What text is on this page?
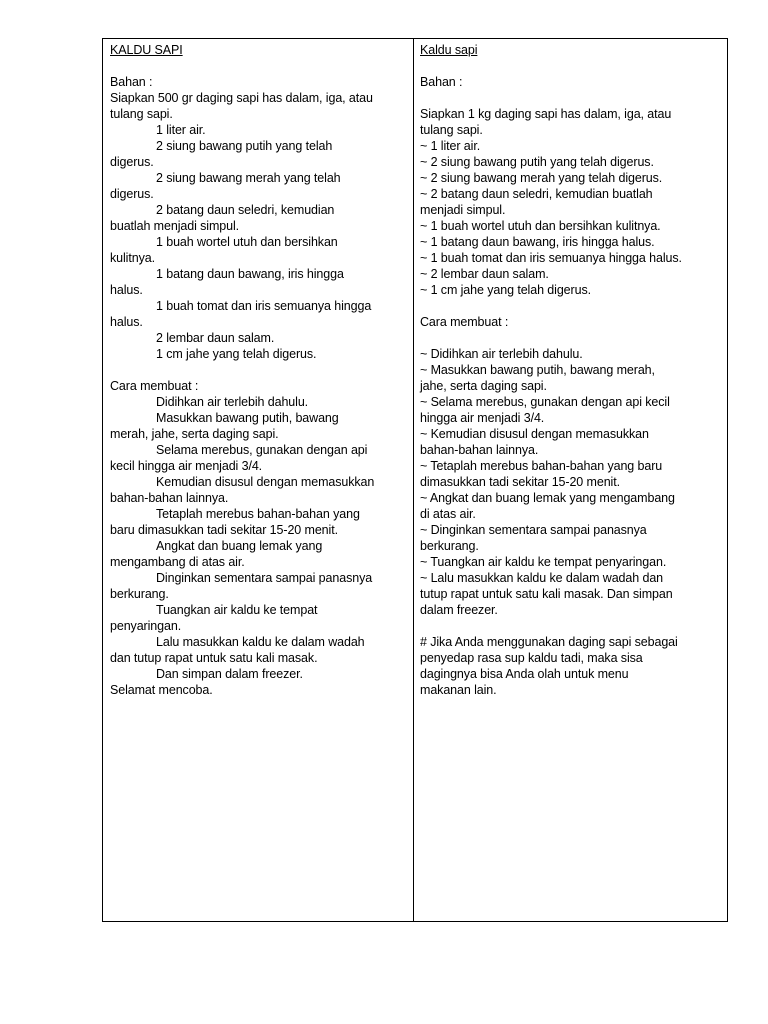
KALDU SAPI
Bahan :
Siapkan 500 gr daging sapi has dalam, iga, atau
tulang sapi.
1 liter air.
2 siung bawang putih yang telah
digerus.
2 siung bawang merah yang telah
digerus.
2 batang daun seledri, kemudian
buatlah menjadi simpul.
1 buah wortel utuh dan bersihkan
kulitnya.
1 batang daun bawang, iris hingga
halus.
1 buah tomat dan iris semuanya hingga
halus.
2 lembar daun salam.
1 cm jahe yang telah digerus.
Cara membuat :
Didihkan air terlebih dahulu.
Masukkan bawang putih, bawang
merah, jahe, serta daging sapi.
Selama merebus, gunakan dengan api
kecil hingga air menjadi 3/4.
Kemudian disusul dengan memasukkan
bahan-bahan lainnya.
Tetaplah merebus bahan-bahan yang
baru dimasukkan tadi sekitar 15-20 menit.
Angkat dan buang lemak yang
mengambang di atas air.
Dinginkan sementara sampai panasnya
berkurang.
Tuangkan air kaldu ke tempat
penyaringan.
Lalu masukkan kaldu ke dalam wadah
dan tutup rapat untuk satu kali masak.
Dan simpan dalam freezer.
Selamat mencoba.
Kaldu sapi
Bahan :
Siapkan 1 kg daging sapi has dalam, iga, atau
tulang sapi.
~ 1 liter air.
~ 2 siung bawang putih yang telah digerus.
~ 2 siung bawang merah yang telah digerus.
~ 2 batang daun seledri, kemudian buatlah
menjadi simpul.
~ 1 buah wortel utuh dan bersihkan kulitnya.
~ 1 batang daun bawang, iris hingga halus.
~ 1 buah tomat dan iris semuanya hingga halus.
~ 2 lembar daun salam.
~ 1 cm jahe yang telah digerus.
Cara membuat :
~ Didihkan air terlebih dahulu.
~ Masukkan bawang putih, bawang merah,
jahe, serta daging sapi.
~ Selama merebus, gunakan dengan api kecil
hingga air menjadi 3/4.
~ Kemudian disusul dengan memasukkan
bahan-bahan lainnya.
~ Tetaplah merebus bahan-bahan yang baru
dimasukkan tadi sekitar 15-20 menit.
~ Angkat dan buang lemak yang mengambang
di atas air.
~ Dinginkan sementara sampai panasnya
berkurang.
~ Tuangkan air kaldu ke tempat penyaringan.
~ Lalu masukkan kaldu ke dalam wadah dan
tutup rapat untuk satu kali masak. Dan simpan
dalam freezer.
# Jika Anda menggunakan daging sapi sebagai
penyedap rasa sup kaldu tadi, maka sisa
dagingnya bisa Anda olah untuk menu
makanan lain.
